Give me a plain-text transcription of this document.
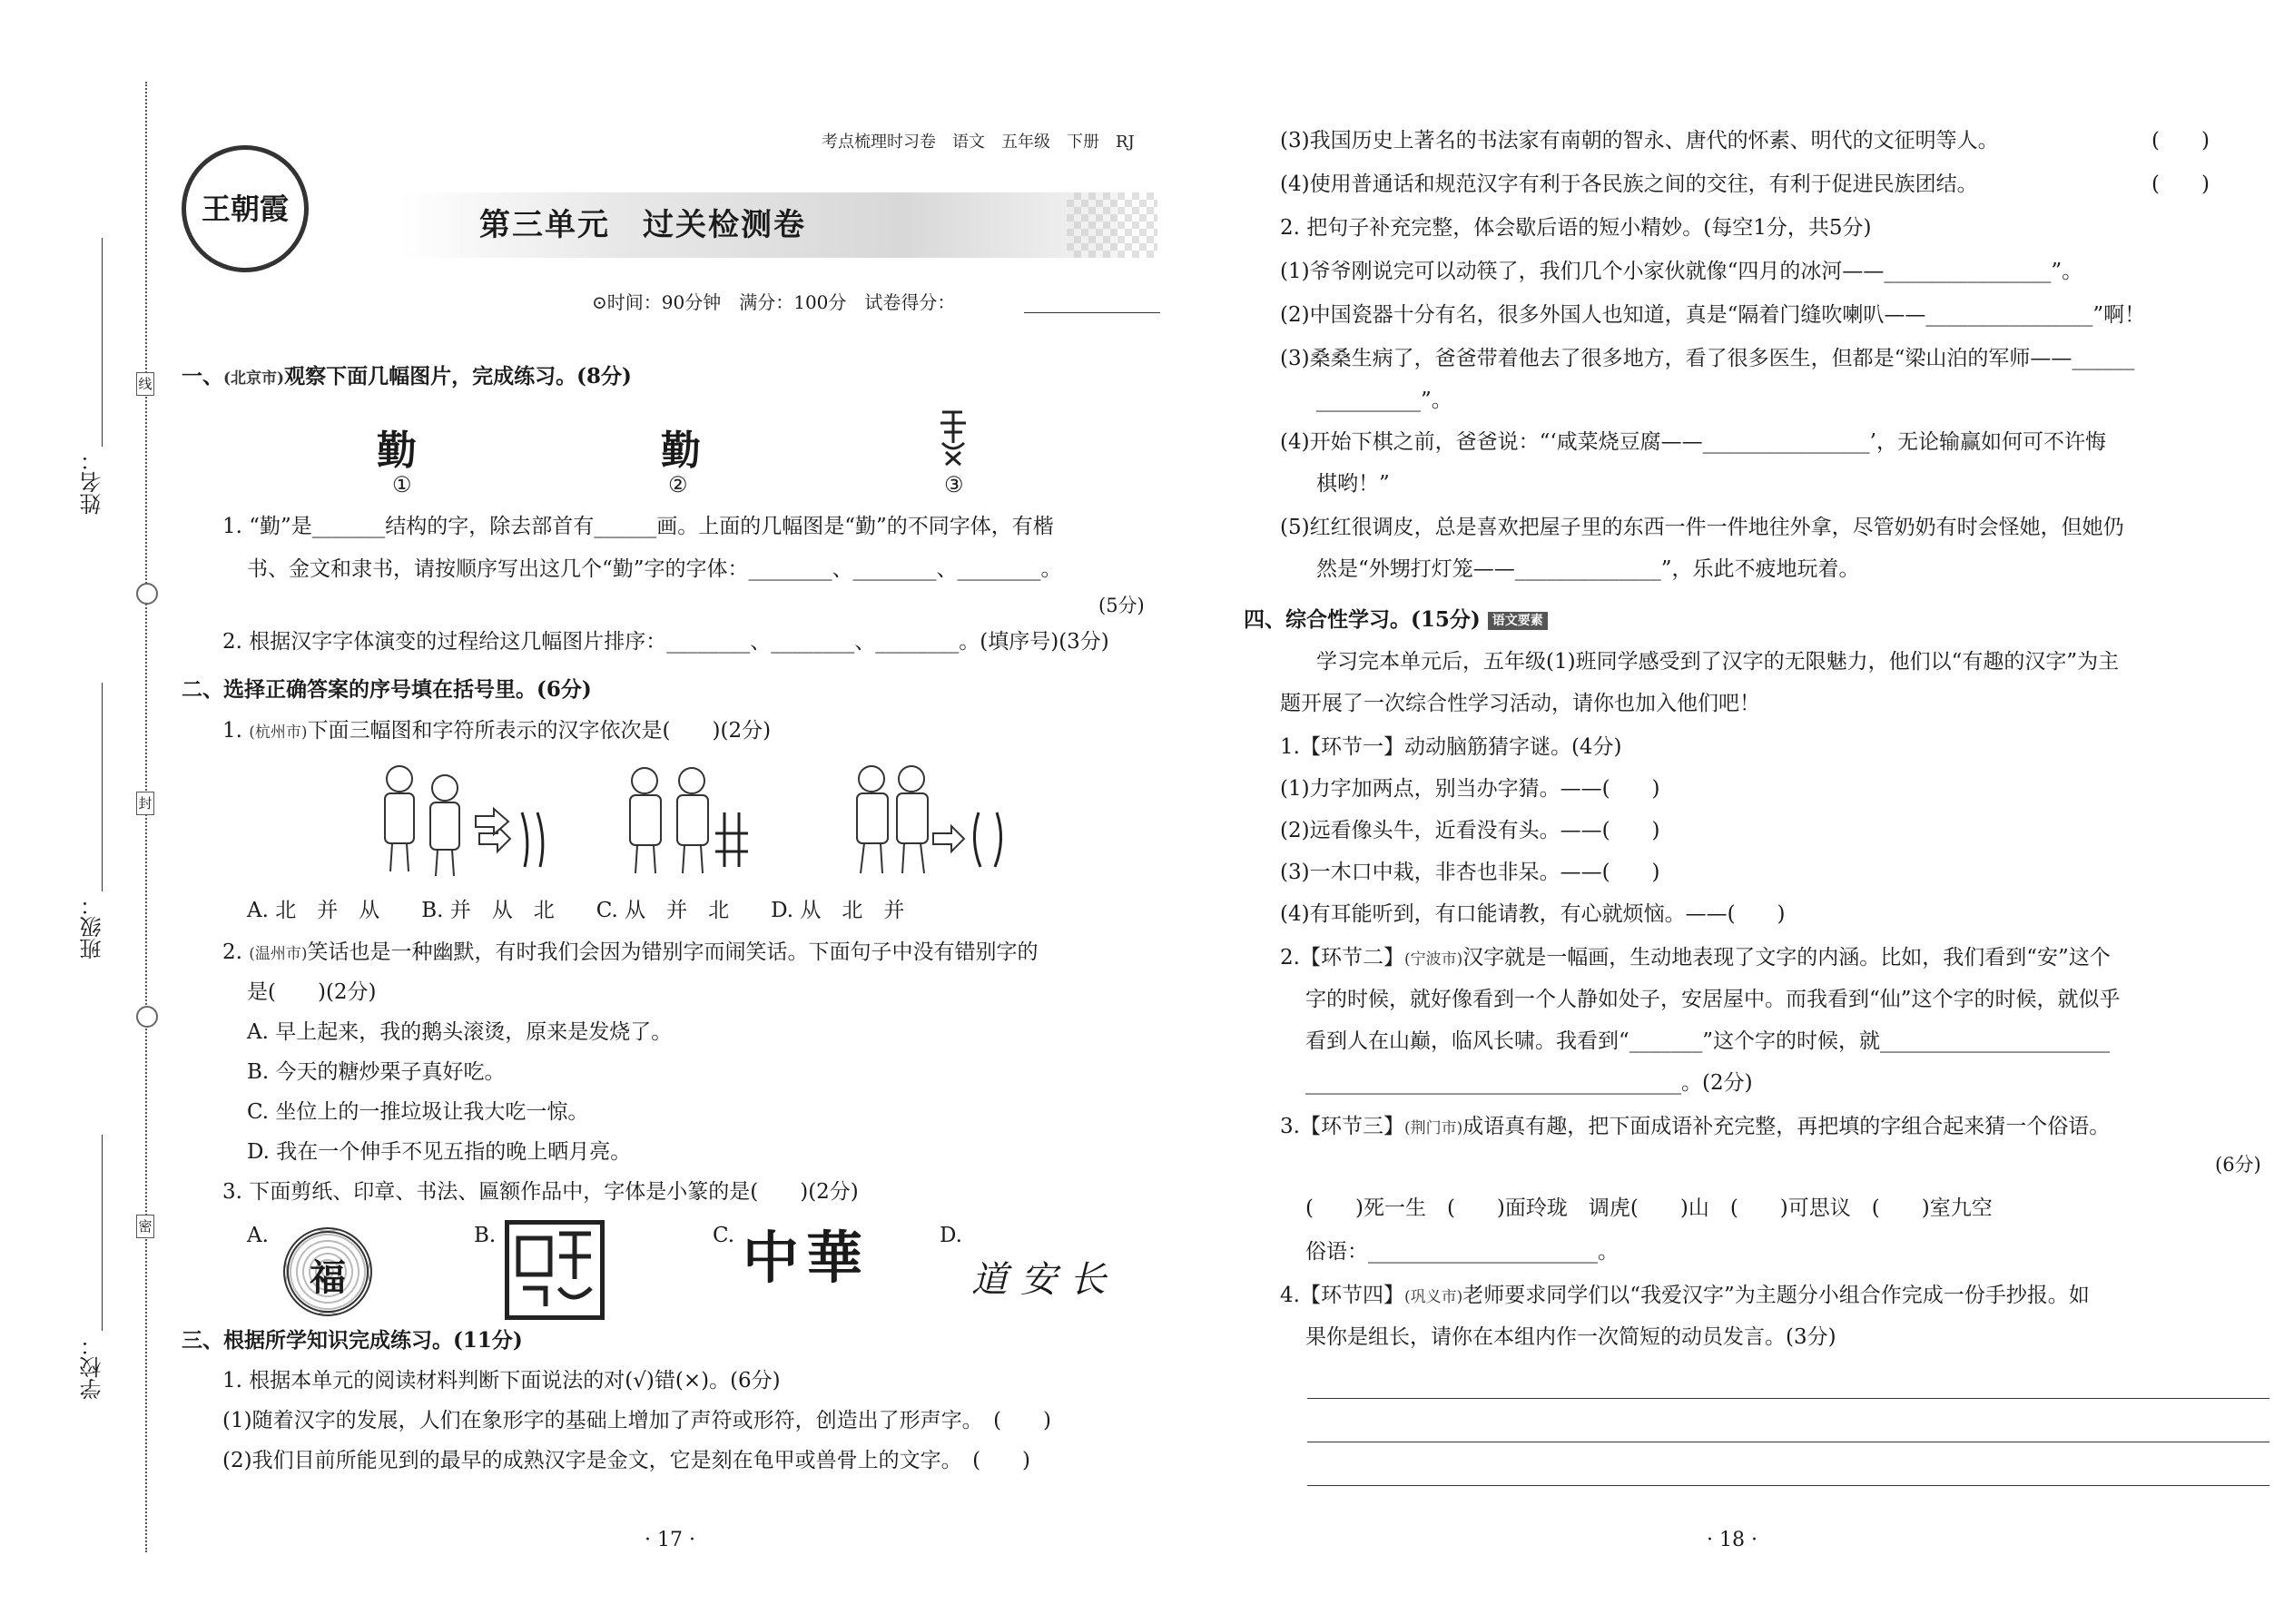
线
封
密
姓名：
班级：
学校：
王朝霞
考点梳理时习卷　语文　五年级　下册　RJ
第三单元　过关检测卷
⊙时间：90分钟　满分：100分　试卷得分：
一、(北京市)观察下面几幅图片，完成练习。(8分)
勤	勤
①	②	③
1. “勤”是_______结构的字，除去部首有______画。上面的几幅图是“勤”的不同字体，有楷
书、金文和隶书，请按顺序写出这几个“勤”字的字体：________、________、________。
(5分)
2. 根据汉字字体演变的过程给这几幅图片排序：________、________、________。(填序号)(3分)
二、选择正确答案的序号填在括号里。(6分)
1. (杭州市)下面三幅图和字符所表示的汉字依次是(　　)(2分)
A. 北　并　从　　B. 并　从　北　　C. 从　并　北　　D. 从　北　并
2. (温州市)笑话也是一种幽默，有时我们会因为错别字而闹笑话。下面句子中没有错别字的
是(　　)(2分)
A. 早上起来，我的鹅头滚烫，原来是发烧了。
B. 今天的糖炒栗子真好吃。
C. 坐位上的一推垃圾让我大吃一惊。
D. 我在一个伸手不见五指的晚上晒月亮。
3. 下面剪纸、印章、书法、匾额作品中，字体是小篆的是(　　)(2分)
A.	B.	C.	D.
福	中華	道安长
三、根据所学知识完成练习。(11分)
1. 根据本单元的阅读材料判断下面说法的对(√)错(×)。(6分)
(1)随着汉字的发展，人们在象形字的基础上增加了声符或形符，创造出了形声字。　(　　)
(2)我们目前所能见到的最早的成熟汉字是金文，它是刻在龟甲或兽骨上的文字。　(　　)
· 17 ·
(3)我国历史上著名的书法家有南朝的智永、唐代的怀素、明代的文征明等人。	(　　)
(4)使用普通话和规范汉字有利于各民族之间的交往，有利于促进民族团结。	(　　)
2. 把句子补充完整，体会歇后语的短小精妙。(每空1分，共5分)
(1)爷爷刚说完可以动筷了，我们几个小家伙就像“四月的冰河——________________”。
(2)中国瓷器十分有名，很多外国人也知道，真是“隔着门缝吹喇叭——________________”啊！
(3)桑桑生病了，爸爸带着他去了很多地方，看了很多医生，但都是“梁山泊的军师——______
__________”。
(4)开始下棋之前，爸爸说：“‘咸菜烧豆腐——________________’，无论输赢如何可不许悔
棋哟！”
(5)红红很调皮，总是喜欢把屋子里的东西一件一件地往外拿，尽管奶奶有时会怪她，但她仍
然是“外甥打灯笼——______________”，乐此不疲地玩着。
四、综合性学习。(15分) 语文要素
学习完本单元后，五年级(1)班同学感受到了汉字的无限魅力，他们以“有趣的汉字”为主
题开展了一次综合性学习活动，请你也加入他们吧！
1.【环节一】动动脑筋猜字谜。(4分)
(1)力字加两点，别当办字猜。——(　　)
(2)远看像头牛，近看没有头。——(　　)
(3)一木口中栽，非杏也非呆。——(　　)
(4)有耳能听到，有口能请教，有心就烦恼。——(　　)
2.【环节二】(宁波市)汉字就是一幅画，生动地表现了文字的内涵。比如，我们看到“安”这个
字的时候，就好像看到一个人静如处子，安居屋中。而我看到“仙”这个字的时候，就似乎
看到人在山巅，临风长啸。我看到“_______”这个字的时候，就______________________
____________________________________。(2分)
3.【环节三】(荆门市)成语真有趣，把下面成语补充完整，再把填的字组合起来猜一个俗语。
(6分)
(　　)死一生　(　　)面玲珑　调虎(　　)山　(　　)可思议　(　　)室九空
俗语：______________________。
4.【环节四】(巩义市)老师要求同学们以“我爱汉字”为主题分小组合作完成一份手抄报。如
果你是组长，请你在本组内作一次简短的动员发言。(3分)
· 18 ·
